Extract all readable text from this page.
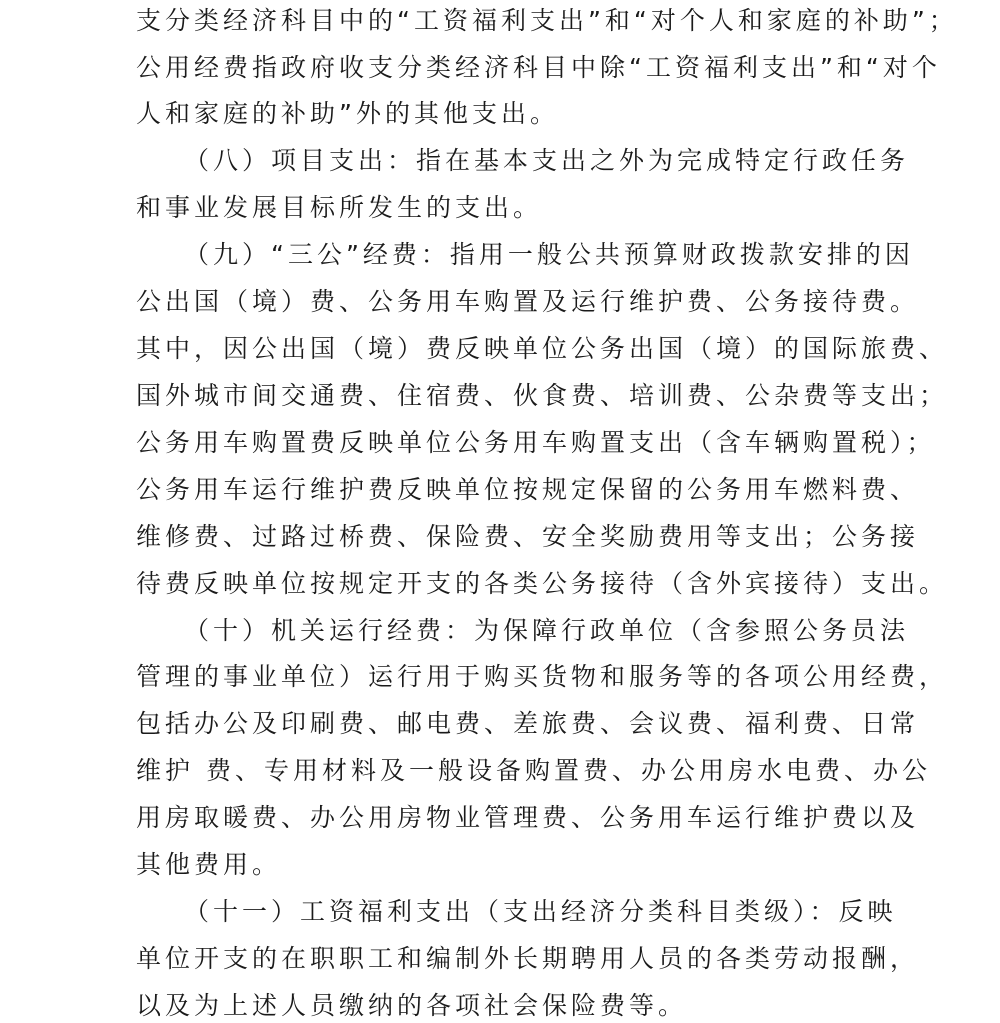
支分类经济科目中的“工资福利支出”和“对个人和家庭的补助”；
公用经费指政府收支分类经济科目中除“工资福利支出”和“对个
人和家庭的补助”外的其他支出。
（八）项目支出：指在基本支出之外为完成特定行政任务
和事业发展目标所发生的支出。
（九）“三公”经费：指用一般公共预算财政拨款安排的因
公出国（境）费、公务用车购置及运行维护费、公务接待费。
其中，因公出国（境）费反映单位公务出国（境）的国际旅费、
国外城市间交通费、住宿费、伙食费、培训费、公杂费等支出；
公务用车购置费反映单位公务用车购置支出（含车辆购置税）；
公务用车运行维护费反映单位按规定保留的公务用车燃料费、
维修费、过路过桥费、保险费、安全奖励费用等支出；公务接
待费反映单位按规定开支的各类公务接待（含外宾接待）支出。
（十）机关运行经费：为保障行政单位（含参照公务员法
管理的事业单位）运行用于购买货物和服务等的各项公用经费，
包括办公及印刷费、邮电费、差旅费、会议费、福利费、日常
维护 费、专用材料及一般设备购置费、办公用房水电费、办公
用房取暖费、办公用房物业管理费、公务用车运行维护费以及
其他费用。
（十一）工资福利支出（支出经济分类科目类级）：反映
单位开支的在职职工和编制外长期聘用人员的各类劳动报酬，
以及为上述人员缴纳的各项社会保险费等。
